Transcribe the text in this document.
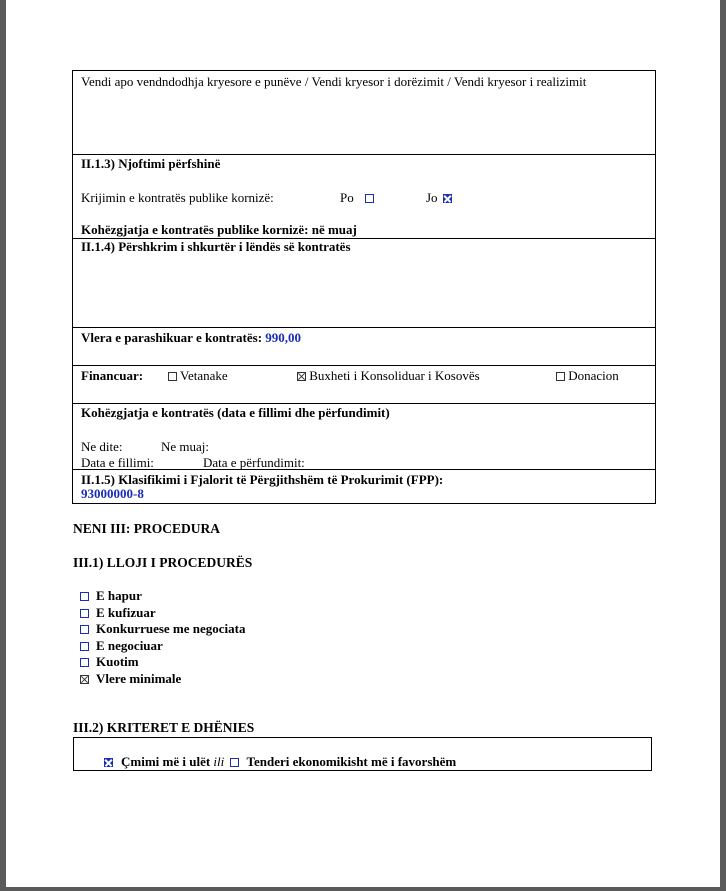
Vendi apo vendndodhja kryesore e punëve / Vendi kryesor i dorëzimit / Vendi kryesor i realizimit
II.1.3) Njoftimi përfshinë
Krijimin e kontratës publike kornizë:	Po	Jo
Kohëzgjatja e kontratës publike kornizë: në muaj
II.1.4) Përshkrim i shkurtër i lëndës së kontratës
Vlera e parashikuar e kontratës: 990,00
Financuar:	Vetanake	Buxheti i Konsoliduar i Kosovës	Donacion
Kohëzgjatja e kontratës (data e fillimi dhe përfundimit)
Ne dite:	Ne muaj:
Data e fillimi:	Data e përfundimit:
II.1.5) Klasifikimi i Fjalorit të Përgjithshëm të Prokurimit (FPP):
93000000-8
NENI III: PROCEDURA
III.1) LLOJI I PROCEDURËS
E hapur
E kufizuar
Konkurruese me negociata
E negociuar
Kuotim
Vlere minimale
III.2) KRITERET E DHËNIES
Çmimi më i ulët ili Tenderi ekonomikisht më i favorshëm
